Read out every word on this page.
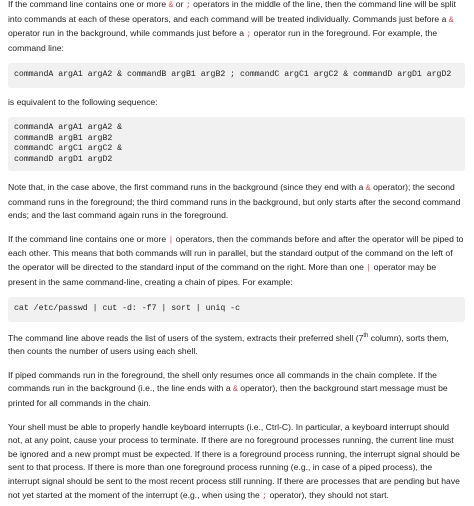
If the command line contains one or more & or ; operators in the middle of the line, then the command line will be split into commands at each of these operators, and each command will be treated individually. Commands just before a & operator run in the background, while commands just before a ; operator run in the foreground. For example, the command line:

commandA argA1 argA2 & commandB argB1 argB2 ; commandC argC1 argC2 & commandD argD1 argD2

is equivalent to the following sequence:

commandA argA1 argA2 &
commandB argB1 argB2
commandC argC1 argC2 &
commandD argD1 argD2

Note that, in the case above, the first command runs in the background (since they end with a & operator); the second command runs in the foreground; the third command runs in the background, but only starts after the second command ends; and the last command again runs in the foreground.

If the command line contains one or more | operators, then the commands before and after the operator will be piped to each other. This means that both commands will run in parallel, but the standard output of the command on the left of the operator will be directed to the standard input of the command on the right. More than one | operator may be present in the same command-line, creating a chain of pipes. For example:

cat /etc/passwd | cut -d: -f7 | sort | uniq -c

The command line above reads the list of users of the system, extracts their preferred shell (7th column), sorts them, then counts the number of users using each shell.

If piped commands run in the foreground, the shell only resumes once all commands in the chain complete. If the commands run in the background (i.e., the line ends with a & operator), then the background start message must be printed for all commands in the chain.

Your shell must be able to properly handle keyboard interrupts (i.e., Ctrl-C). In particular, a keyboard interrupt should not, at any point, cause your process to terminate. If there are no foreground processes running, the current line must be ignored and a new prompt must be expected. If there is a foreground process running, the interrupt signal should be sent to that process. If there is more than one foreground process running (e.g., in case of a piped process), the interrupt signal should be sent to the most recent process still running. If there are processes that are pending but have not yet started at the moment of the interrupt (e.g., when using the ; operator), they should not start.
